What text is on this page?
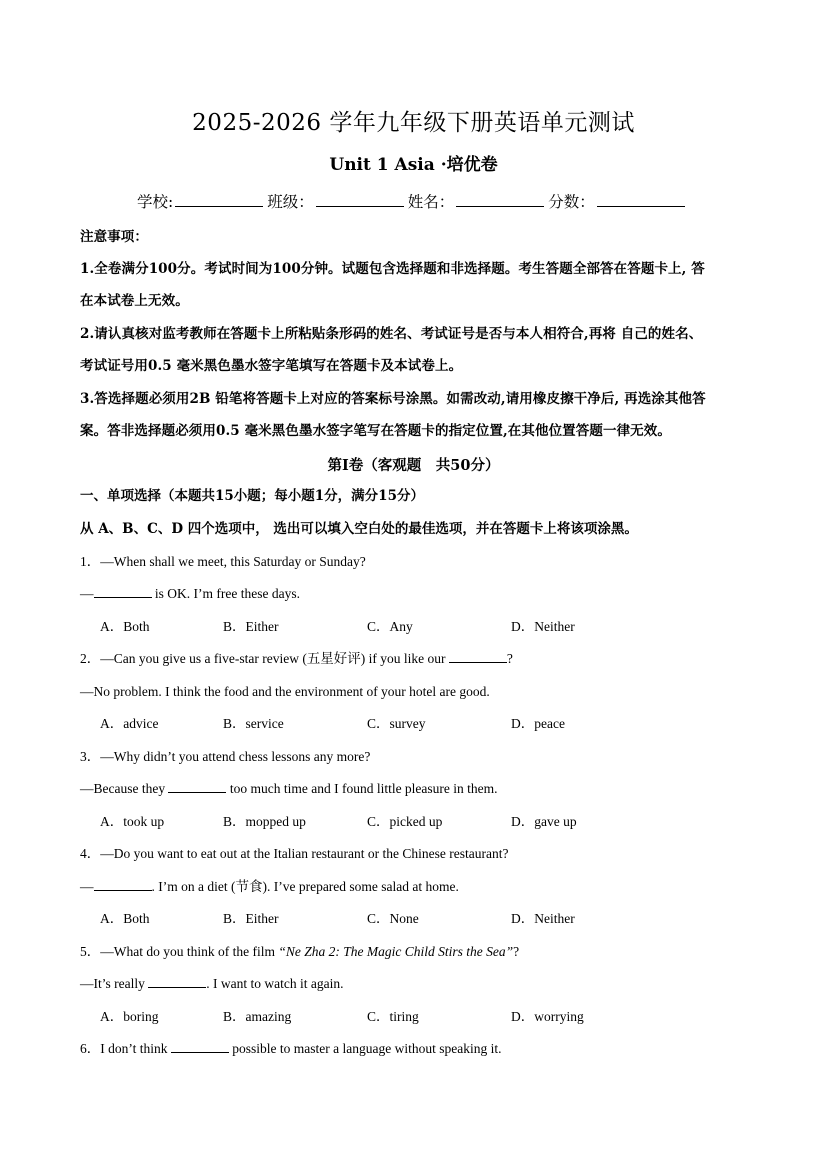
2025-2026 学年九年级下册英语单元测试
Unit 1 Asia ·培优卷
学校:	班级：	姓名：	分数：
注意事项：
1.全卷满分100分。考试时间为100分钟。试题包含选择题和非选择题。考生答题全部答在答题卡上, 答
在本试卷上无效。
2.请认真核对监考教师在答题卡上所粘贴条形码的姓名、考试证号是否与本人相符合,再将 自己的姓名、
考试证号用0.5 毫米黑色墨水签字笔填写在答题卡及本试卷上。
3.答选择题必须用2B 铅笔将答题卡上对应的答案标号涂黑。如需改动,请用橡皮擦干净后, 再选涂其他答
案。答非选择题必须用0.5 毫米黑色墨水签字笔写在答题卡的指定位置,在其他位置答题一律无效。
第Ⅰ卷（客观题　共50分）
一、单项选择（本题共15小题；每小题1分，满分15分）
从 A、B、C、D 四个选项中， 选出可以填入空白处的最佳选项，并在答题卡上将该项涂黑。
1．—When shall we meet, this Saturday or Sunday?
—	is OK. I’m free these days.
A．Both	B．Either	C．Any	D．Neither
2．—Can you give us a five-star review (五星好评) if you like our	?
—No problem. I think the food and the environment of your hotel are good.
A．advice	B．service	C．survey	D．peace
3．—Why didn’t you attend chess lessons any more?
—Because they	too much time and I found little pleasure in them.
A．took up	B．mopped up	C．picked up	D．gave up
4．—Do you want to eat out at the Italian restaurant or the Chinese restaurant?
—	. I’m on a diet (节食). I’ve prepared some salad at home.
A．Both	B．Either	C．None	D．Neither
5．—What do you think of the film “Ne Zha 2: The Magic Child Stirs the Sea”?
—It’s really	. I want to watch it again.
A．boring	B．amazing	C．tiring	D．worrying
6．I don’t think	possible to master a language without speaking it.
